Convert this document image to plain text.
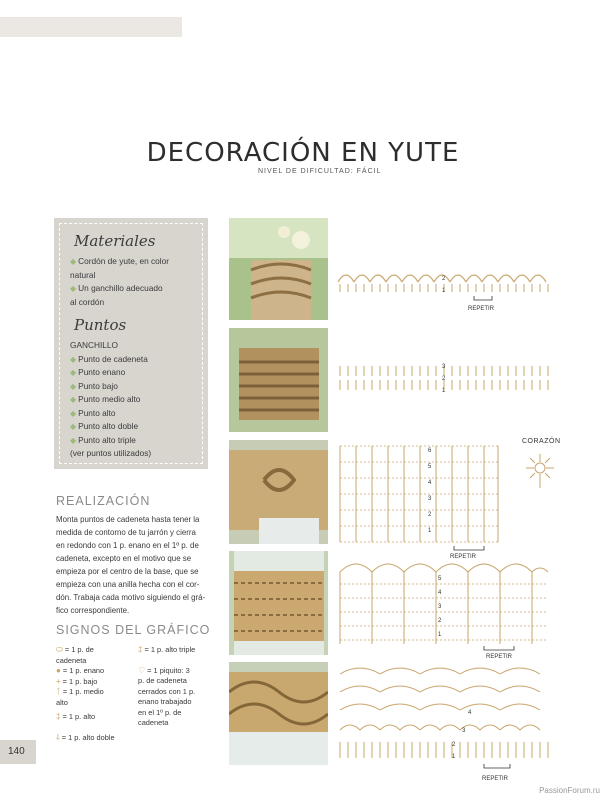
DECORACIÓN EN YUTE
NIVEL DE DIFICULTAD: FÁCIL
Materiales
◆ Cordón de yute, en color
natural
◆ Un ganchillo adecuado
al cordón
Puntos
GANCHILLO
◆ Punto de cadeneta
◆ Punto enano
◆ Punto bajo
◆ Punto medio alto
◆ Punto alto
◆ Punto alto doble
◆ Punto alto triple
(ver puntos utilizados)
REALIZACIÓN
Monta puntos de cadeneta hasta tener la
medida de contorno de tu jarrón y cierra
en redondo con 1 p. enano en el 1º p. de
cadeneta, excepto en el motivo que se
empieza por el centro de la base, que se
empieza con una anilla hecha con el cor-
dón. Trabaja cada motivo siguiendo el grá-
fico correspondiente.
SIGNOS DEL GRÁFICO
⬭ = 1 p. de
cadeneta
● = 1 p. enano
+ = 1 p. bajo
ᛏ = 1 p. medio
alto
‡ = 1 p. alto
⸸ = 1 p. alto doble
‡ = 1 p. alto triple
♡ = 1 piquito: 3
p. de cadeneta
cerrados con 1 p.
enano trabajado
en el 1º p. de
cadeneta
140
PassionForum.ru
2
1
REPETIR
3
2
1
6
5
4
3
2
1
REPETIR
CORAZÓN
5
4
3
2
1
REPETIR
4
3
2
1
REPETIR
